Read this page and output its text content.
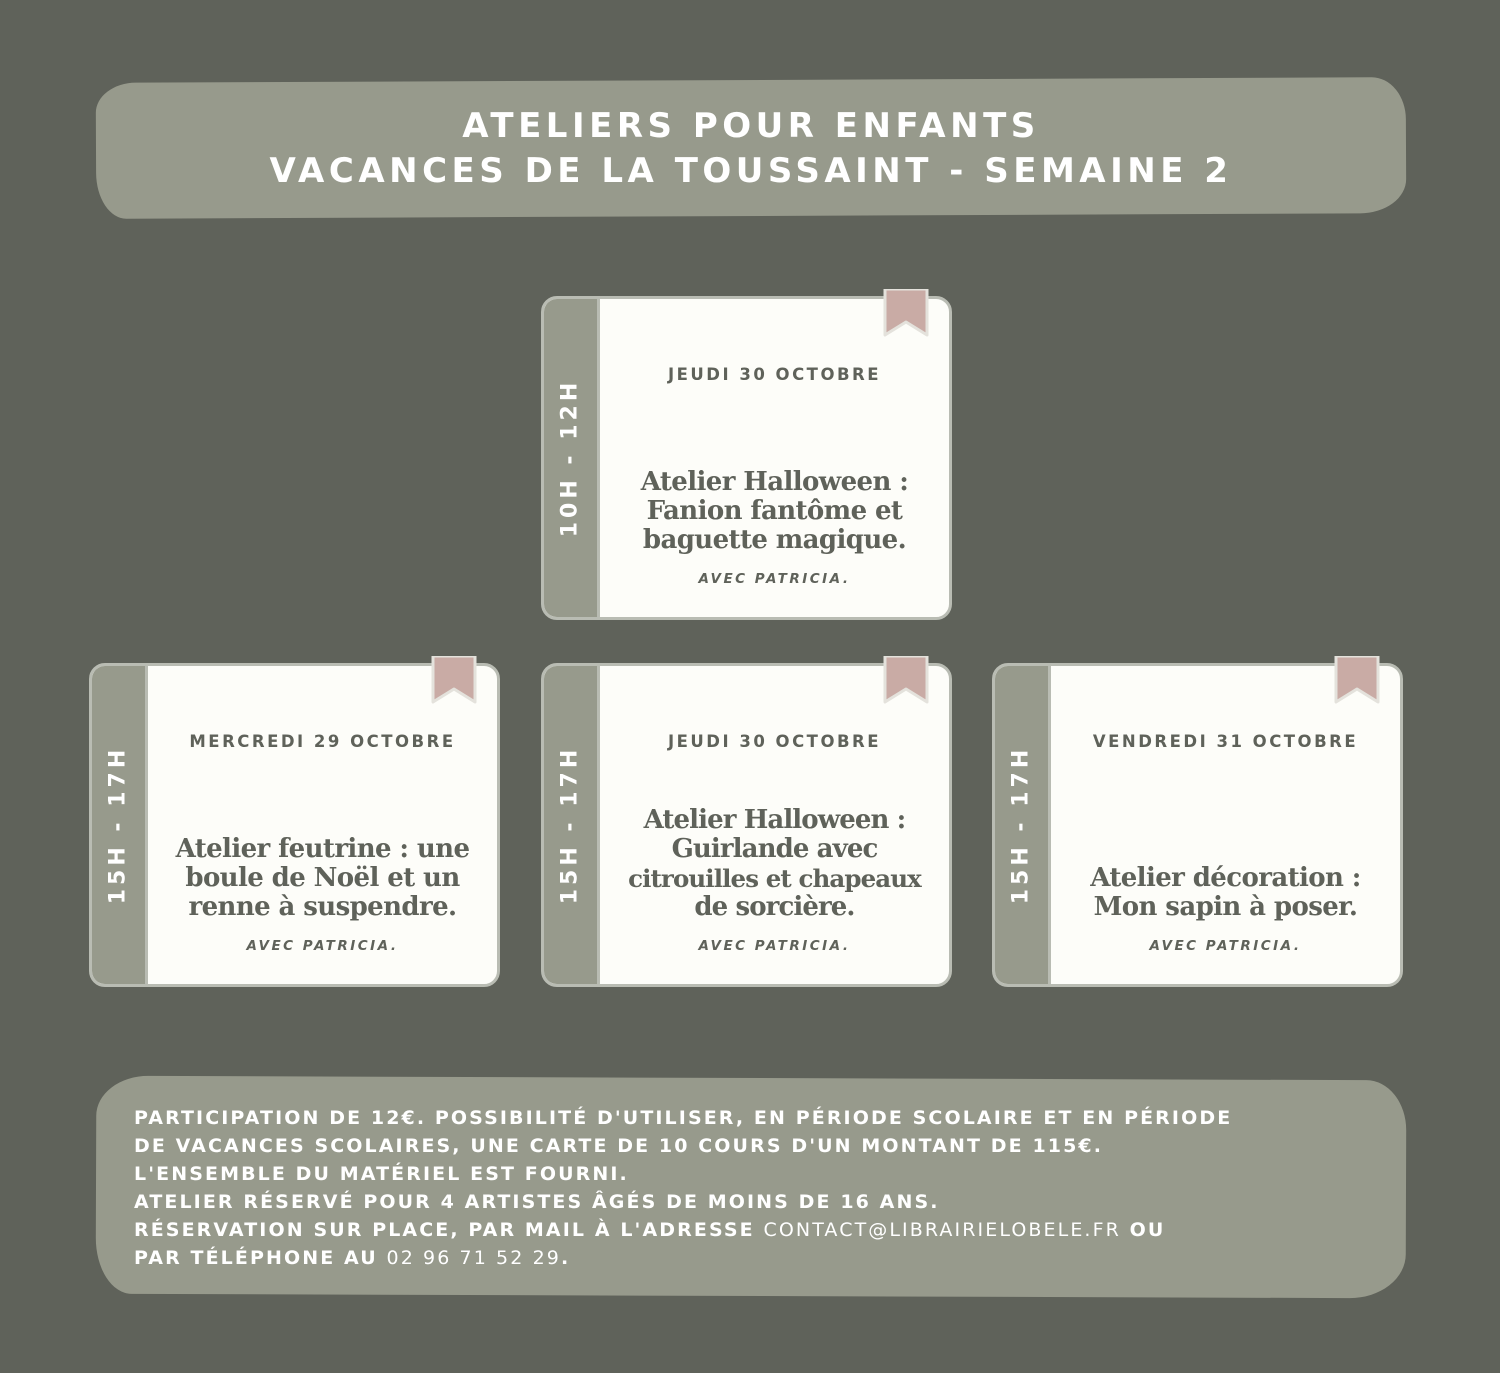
ATELIERS POUR ENFANTS
VACANCES DE LA TOUSSAINT - SEMAINE 2
10H - 12H
JEUDI 30 OCTOBRE
Atelier Halloween :
Fanion fantôme et
baguette magique.
AVEC PATRICIA.
15H - 17H
MERCREDI 29 OCTOBRE
Atelier feutrine : une
boule de Noël et un
renne à suspendre.
AVEC PATRICIA.
15H - 17H
JEUDI 30 OCTOBRE
Atelier Halloween :
Guirlande avec
citrouilles et chapeaux
de sorcière.
AVEC PATRICIA.
15H - 17H
VENDREDI 31 OCTOBRE
Atelier décoration :
Mon sapin à poser.
AVEC PATRICIA.
PARTICIPATION DE 12€. POSSIBILITÉ D'UTILISER, EN PÉRIODE SCOLAIRE ET EN PÉRIODE
DE VACANCES SCOLAIRES, UNE CARTE DE 10 COURS D'UN MONTANT DE 115€.
L'ENSEMBLE DU MATÉRIEL EST FOURNI.
ATELIER RÉSERVÉ POUR 4 ARTISTES ÂGÉS DE MOINS DE 16 ANS.
RÉSERVATION SUR PLACE, PAR MAIL À L'ADRESSE CONTACT@LIBRAIRIELOBELE.FR OU
PAR TÉLÉPHONE AU 02 96 71 52 29.
